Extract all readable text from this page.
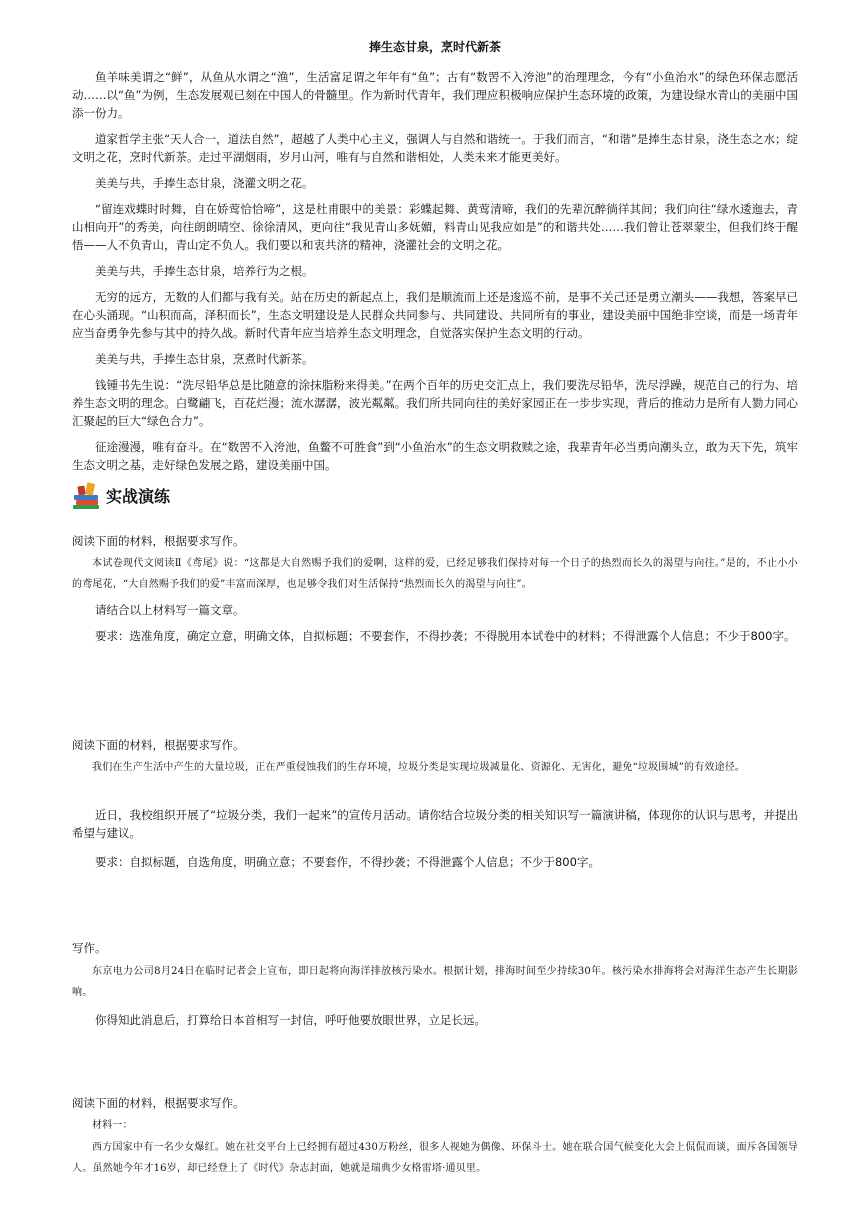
捧生态甘泉，烹时代新茶

鱼羊味美谓之“鲜”，从鱼从水谓之“渔”，生活富足谓之年年有“鱼”；古有“数罟不入洿池”的治理理念，今有“小鱼治水”的绿色环保志愿活动……以“鱼”为例，生态发展观已刻在中国人的骨髓里。作为新时代青年，我们理应积极响应保护生态环境的政策，为建设绿水青山的美丽中国添一份力。

道家哲学主张“天人合一，道法自然”，超越了人类中心主义，强调人与自然和谐统一。于我们而言，“和谐”是捧生态甘泉，浇生态之水；绽文明之花，烹时代新茶。走过平湖烟雨，岁月山河，唯有与自然和谐相处，人类未来才能更美好。

美美与共，手捧生态甘泉，浇灌文明之花。

“留连戏蝶时时舞，自在娇莺恰恰啼”，这是杜甫眼中的美景：彩蝶起舞、黄莺清啼，我们的先辈沉醉徜徉其间；我们向往“绿水逶迤去，青山相向开”的秀美，向往朗朗晴空、徐徐清风，更向往“我见青山多妩媚，料青山见我应如是”的和谐共处……我们曾让苍翠蒙尘，但我们终于醒悟——人不负青山，青山定不负人。我们要以和衷共济的精神，浇灌社会的文明之花。

美美与共，手捧生态甘泉，培养行为之根。

无穷的远方，无数的人们都与我有关。站在历史的新起点上，我们是顺流而上还是逡巡不前，是事不关己还是勇立潮头——我想，答案早已在心头涌现。“山积而高，泽积而长”，生态文明建设是人民群众共同参与、共同建设、共同所有的事业，建设美丽中国绝非空谈，而是一场青年应当奋勇争先参与其中的持久战。新时代青年应当培养生态文明理念，自觉落实保护生态文明的行动。

美美与共，手捧生态甘泉，烹煮时代新茶。

钱锺书先生说：“洗尽铅华总是比随意的涂抹脂粉来得美。”在两个百年的历史交汇点上，我们要洗尽铅华，洗尽浮躁，规范自己的行为、培养生态文明的理念。白鹭翩飞，百花烂漫；流水潺潺，波光粼粼。我们所共同向往的美好家园正在一步步实现，背后的推动力是所有人勠力同心汇聚起的巨大“绿色合力”。

征途漫漫，唯有奋斗。在“数罟不入洿池，鱼鳖不可胜食”到“小鱼治水”的生态文明救赎之途，我辈青年必当勇向潮头立，敢为天下先，筑牢生态文明之基，走好绿色发展之路，建设美丽中国。

实战演练

阅读下面的材料，根据要求写作。

本试卷现代文阅读Ⅱ《鸢尾》说：“这都是大自然赐予我们的爱啊，这样的爱，已经足够我们保持对每一个日子的热烈而长久的渴望与向往。”是的，不止小小的鸢尾花，“大自然赐予我们的爱”丰富而深厚，也足够令我们对生活保持“热烈而长久的渴望与向往”。

请结合以上材料写一篇文章。

要求：选准角度，确定立意，明确文体，自拟标题；不要套作，不得抄袭；不得脱用本试卷中的材料；不得泄露个人信息；不少于800字。

阅读下面的材料，根据要求写作。

我们在生产生活中产生的大量垃圾，正在严重侵蚀我们的生存环境，垃圾分类是实现垃圾减量化、资源化、无害化，避免“垃圾围城”的有效途径。

近日，我校组织开展了“垃圾分类，我们一起来”的宣传月活动。请你结合垃圾分类的相关知识写一篇演讲稿，体现你的认识与思考，并提出希望与建议。

要求：自拟标题，自选角度，明确立意；不要套作，不得抄袭；不得泄露个人信息；不少于800字。

写作。

东京电力公司8月24日在临时记者会上宣布，即日起将向海洋排放核污染水。根据计划，排海时间至少持续30年。核污染水排海将会对海洋生态产生长期影响。

你得知此消息后，打算给日本首相写一封信，呼吁他要放眼世界，立足长远。

阅读下面的材料，根据要求写作。

材料一：

西方国家中有一名少女爆红。她在社交平台上已经拥有超过430万粉丝，很多人视她为偶像、环保斗士。她在联合国气候变化大会上侃侃而谈，面斥各国领导人。虽然她今年才16岁，却已经登上了《时代》杂志封面，她就是瑞典少女格雷塔·通贝里。
